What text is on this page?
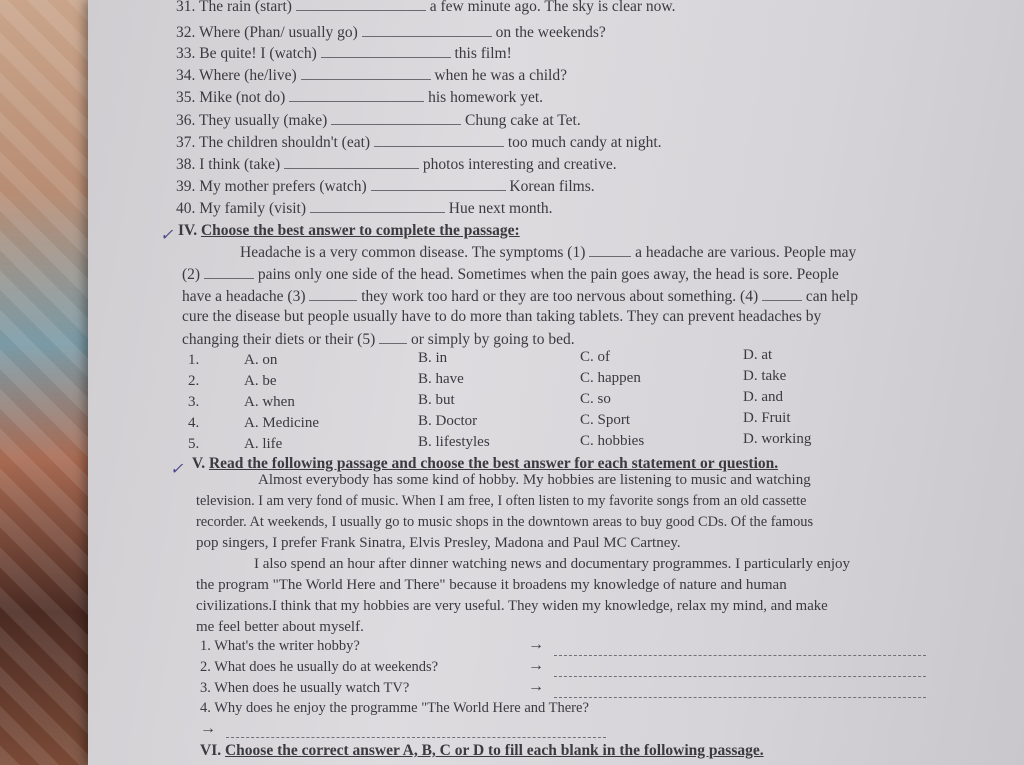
31. The rain (start)	a few minute ago. The sky is clear now.
32. Where (Phan/ usually go)	on the weekends?
33. Be quite! I (watch)	this film!
34. Where (he/live)	when he was a child?
35. Mike (not do)	his homework yet.
36. They usually (make)	Chung cake at Tet.
37. The children shouldn't (eat)	too much candy at night.
38. I think (take)	photos interesting and creative.
39. My mother prefers (watch)	Korean films.
40. My family (visit)	Hue next month.
✓ IV. Choose the best answer to complete the passage:
Headache is a very common disease. The symptoms (1)	a headache are various. People may
(2)	pains only one side of the head. Sometimes when the pain goes away, the head is sore. People
have a headache (3)	they work too hard or they are too nervous about something. (4)	can help
cure the disease but people usually have to do more than taking tablets. They can prevent headaches by
changing their diets or their (5) or simply by going to bed.
1.	A. on	B. in	C. of	D. at
2.	A. be	B. have	C. happen	D. take
3.	A. when	B. but	C. so	D. and
4.	A. Medicine	B. Doctor	C. Sport	D. Fruit
5.	A. life	B. lifestyles	C. hobbies	D. working
✓ V. Read the following passage and choose the best answer for each statement or question.
Almost everybody has some kind of hobby. My hobbies are listening to music and watching
television. I am very fond of music. When I am free, I often listen to my favorite songs from an old cassette
recorder. At weekends, I usually go to music shops in the downtown areas to buy good CDs. Of the famous
pop singers, I prefer Frank Sinatra, Elvis Presley, Madona and Paul MC Cartney.
I also spend an hour after dinner watching news and documentary programmes. I particularly enjoy
the program "The World Here and There" because it broadens my knowledge of nature and human
civilizations.I think that my hobbies are very useful. They widen my knowledge, relax my mind, and make
me feel better about myself.
1. What's the writer hobby?	→
2. What does he usually do at weekends?	→
3. When does he usually watch TV?	→
4. Why does he enjoy the programme "The World Here and There?
→
VI. Choose the correct answer A, B, C or D to fill each blank in the following passage.
